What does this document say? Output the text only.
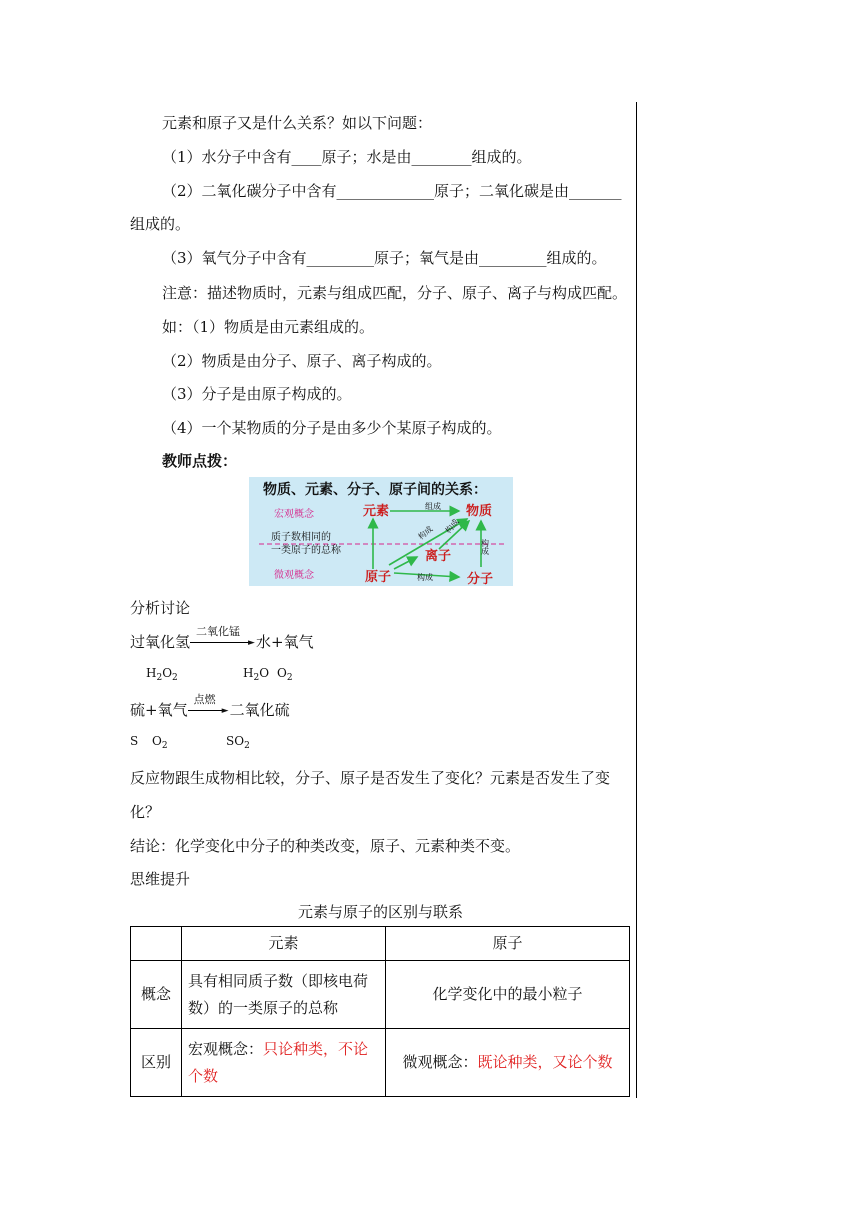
元素和原子又是什么关系？如以下问题：
（1）水分子中含有____原子；水是由________组成的。
（2）二氧化碳分子中含有_____________原子；二氧化碳是由_______
组成的。
（3）氧气分子中含有_________原子；氧气是由_________组成的。
注意：描述物质时，元素与组成匹配，分子、原子、离子与构成匹配。
如：（1）物质是由元素组成的。
（2）物质是由分子、原子、离子构成的。
（3）分子是由原子构成的。
（4）一个某物质的分子是由多少个某原子构成的。
教师点拨：
物质、元素、分子、原子间的关系：
宏观概念
质子数相同的
一类原子的总称
微观概念
组成
构成
构成 构成
构成
元素	物质
离子
原子	分子
分析讨论
过氧化氢
二氧化锰
► 水+氧气
$H_2O_2$	$H_2O$ $O_2$
硫+氧气
点燃
► 二氧化硫
S $O_2$	$SO_2$
反应物跟生成物相比较，分子、原子是否发生了变化？元素是否发生了变
化？
结论：化学变化中分子的种类改变，原子、元素种类不变。
思维提升
元素与原子的区别与联系
	元素	原子
概念	具有相同质子数（即核电荷数）的一类原子的总称	化学变化中的最小粒子
区别	宏观概念：只论种类，不论个数	微观概念：既论种类，又论个数
